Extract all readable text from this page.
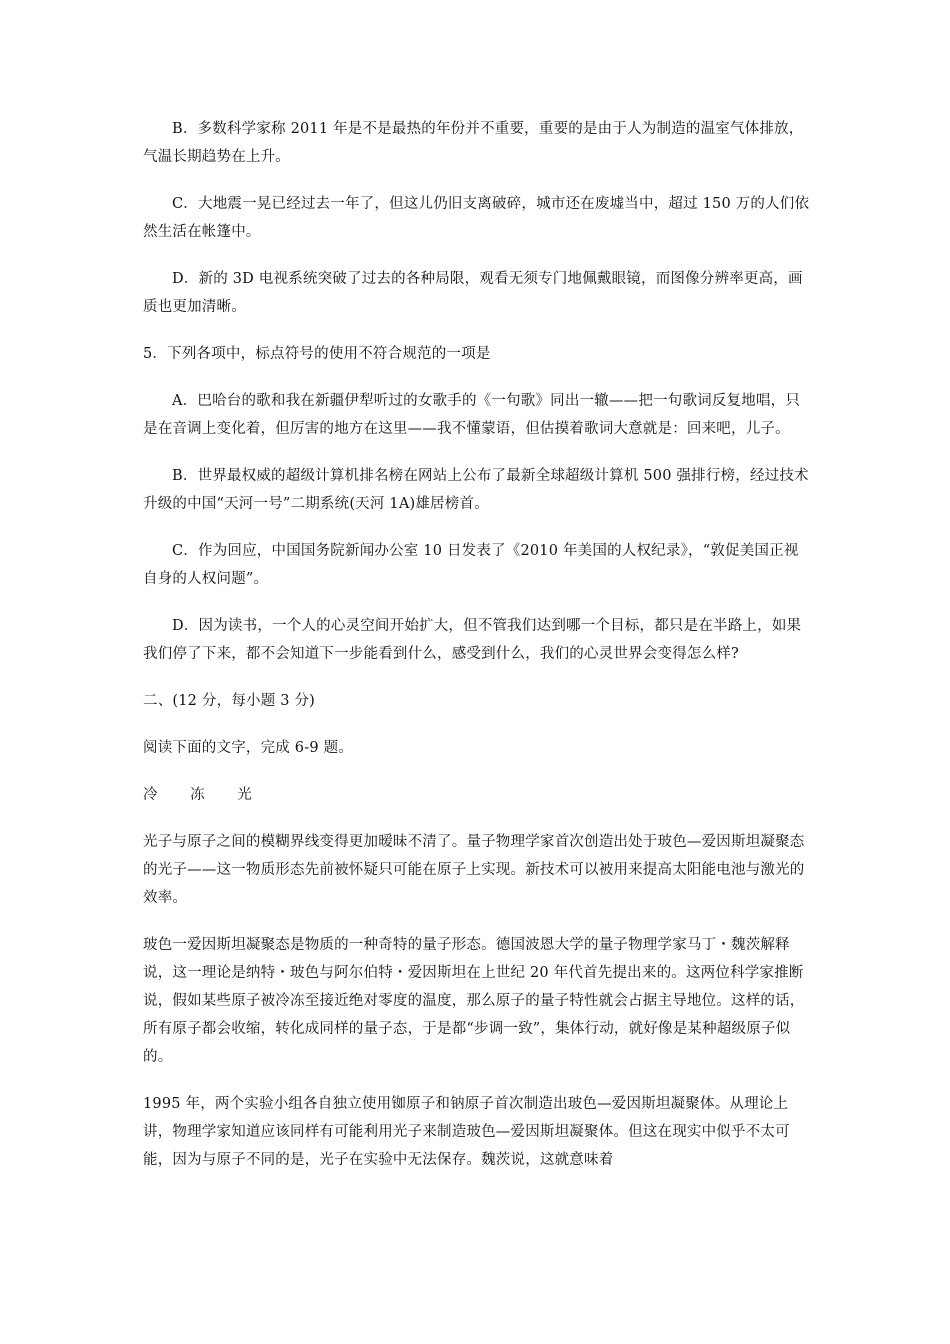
B．多数科学家称 2011 年是不是最热的年份并不重要，重要的是由于人为制造的温室气体排放，气温长期趋势在上升。

C．大地震一晃已经过去一年了，但这儿仍旧支离破碎，城市还在废墟当中，超过 150 万的人们依然生活在帐篷中。

D．新的 3D 电视系统突破了过去的各种局限，观看无须专门地佩戴眼镜，而图像分辨率更高，画质也更加清晰。

5．下列各项中，标点符号的使用不符合规范的一项是

A．巴哈台的歌和我在新疆伊犁听过的女歌手的《一句歌》同出一辙——把一句歌词反复地唱，只是在音调上变化着，但厉害的地方在这里——我不懂蒙语，但估摸着歌词大意就是：回来吧，儿子。

B．世界最权威的超级计算机排名榜在网站上公布了最新全球超级计算机 500 强排行榜，经过技术升级的中国“天河一号”二期系统(天河 1A)雄居榜首。

C．作为回应，中国国务院新闻办公室 10 日发表了《2010 年美国的人权纪录》，“敦促美国正视自身的人权问题”。

D．因为读书，一个人的心灵空间开始扩大，但不管我们达到哪一个目标，都只是在半路上，如果我们停了下来，都不会知道下一步能看到什么，感受到什么，我们的心灵世界会变得怎么样?

二、(12 分，每小题 3 分)

阅读下面的文字，完成 6-9 题。

冷 冻 光

光子与原子之间的模糊界线变得更加暧昧不清了。量子物理学家首次创造出处于玻色—爱因斯坦凝聚态的光子——这一物质形态先前被怀疑只可能在原子上实现。新技术可以被用来提高太阳能电池与激光的效率。

玻色一爱因斯坦凝聚态是物质的一种奇特的量子形态。德国波恩大学的量子物理学家马丁・魏茨解释说，这一理论是纳特・玻色与阿尔伯特・爱因斯坦在上世纪 20 年代首先提出来的。这两位科学家推断说，假如某些原子被冷冻至接近绝对零度的温度，那么原子的量子特性就会占据主导地位。这样的话，所有原子都会收缩，转化成同样的量子态，于是都“步调一致”，集体行动，就好像是某种超级原子似的。

1995 年，两个实验小组各自独立使用铷原子和钠原子首次制造出玻色—爱因斯坦凝聚体。从理论上讲，物理学家知道应该同样有可能利用光子来制造玻色—爱因斯坦凝聚体。但这在现实中似乎不太可能，因为与原子不同的是，光子在实验中无法保存。魏茨说，这就意味着
